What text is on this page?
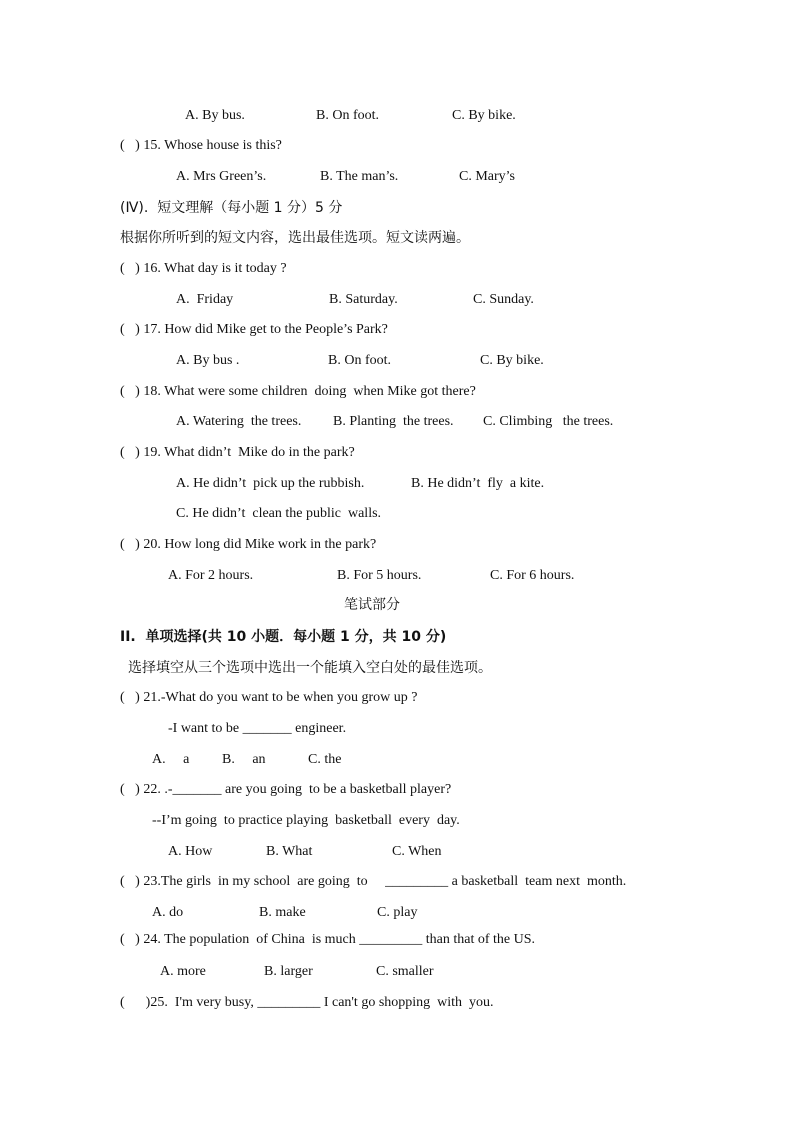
A. By bus.	B. On foot.	C. By bike.
(   ) 15. Whose house is this?
A. Mrs Green’s.	B. The man’s.	C. Mary’s
(Ⅳ).  短文理解（每小题 1 分）5 分
根据你所听到的短文内容，选出最佳选项。短文读两遍。
(   ) 16. What day is it today ?
A.  Friday	B. Saturday.	C. Sunday.
(   ) 17. How did Mike get to the People’s Park?
A. By bus .	B. On foot.	C. By bike.
(   ) 18. What were some children  doing  when Mike got there?
A. Watering  the trees. B. Planting  the trees. C. Climbing   the trees.
(   ) 19. What didn’t  Mike do in the park?
A. He didn’t  pick up the rubbish.	B. He didn’t  fly  a kite.
C. He didn’t  clean the public  walls.
(   ) 20. How long did Mike work in the park?
A. For 2 hours.	B. For 5 hours.	C. For 6 hours.
笔试部分
II.  单项选择(共 10 小题．每小题 1 分，共 10 分)
选择填空从三个选项中选出一个能填入空白处的最佳选项。
(   ) 21.-What do you want to be when you grow up ?
-I want to be _______ engineer.
A.     a B.     an	C. the
(   ) 22. .-_______ are you going  to be a basketball player?
--I’m going  to practice playing  basketball  every  day.
A. How	B. What	C. When
(   ) 23.The girls  in my school  are going  to     _________ a basketball  team next  month.
A. do	B. make	C. play
(   ) 24. The population  of China  is much _________ than that of the US.
A. more	B. larger	C. smaller
(      )25.  I'm very busy, _________ I can't go shopping  with  you.
